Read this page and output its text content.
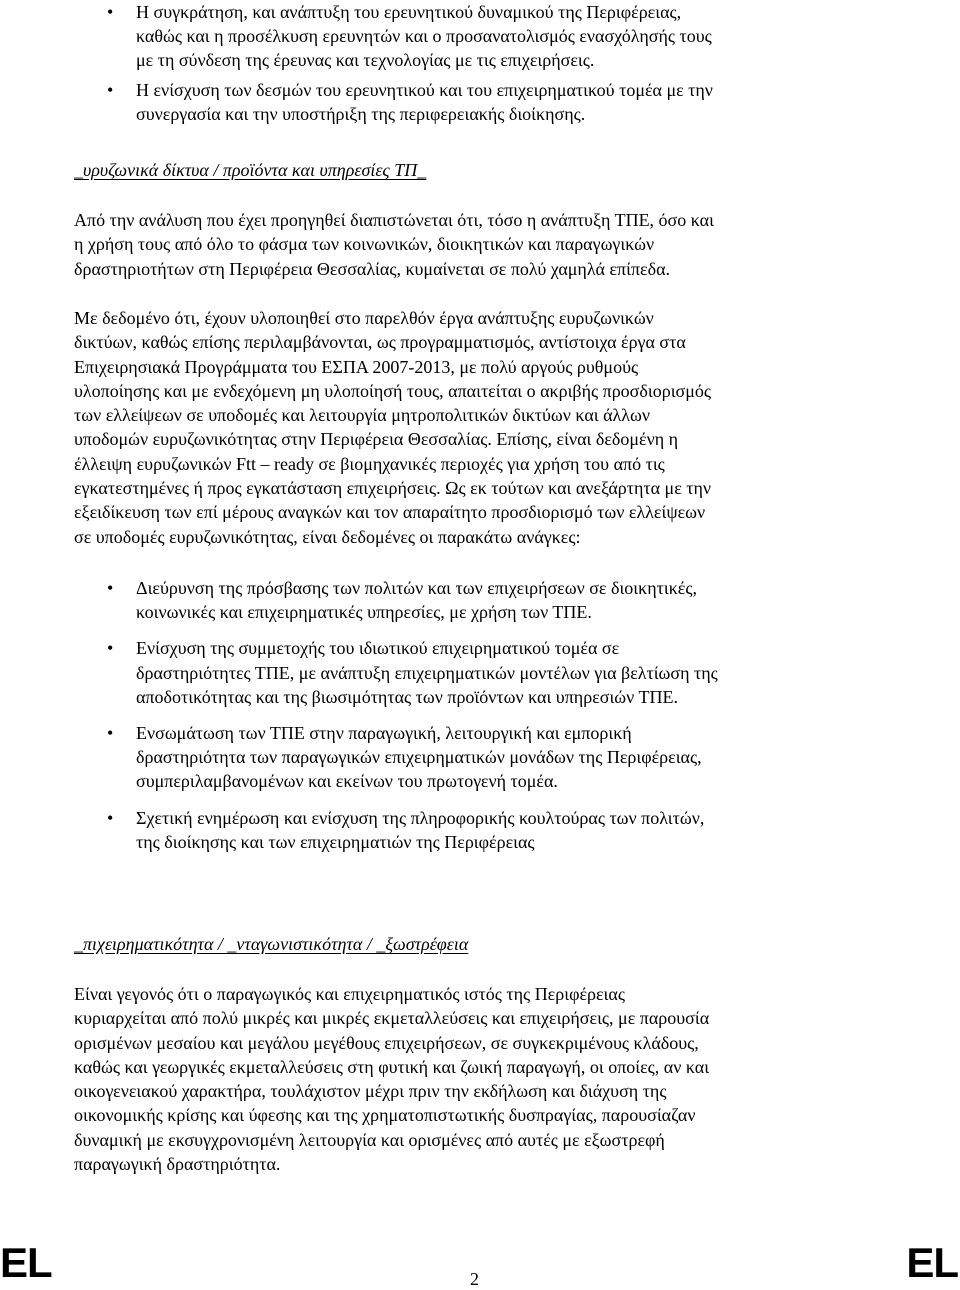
• Η συγκράτηση, και ανάπτυξη του ερευνητικού δυναμικού της Περιφέρειας,
καθώς και η προσέλκυση ερευνητών και ο προσανατολισμός ενασχόλησής τους
με τη σύνδεση της έρευνας και τεχνολογίας με τις επιχειρήσεις.
• Η ενίσχυση των δεσμών του ερευνητικού και του επιχειρηματικού τομέα με την
συνεργασία και την υποστήριξη της περιφερειακής διοίκησης.
_υρυζωνικά δίκτυα / προϊόντα και υπηρεσίες ΤΠ_

Από την ανάλυση που έχει προηγηθεί διαπιστώνεται ότι, τόσο η ανάπτυξη ΤΠΕ, όσο και
η χρήση τους από όλο το φάσμα των κοινωνικών, διοικητικών και παραγωγικών
δραστηριοτήτων στη Περιφέρεια Θεσσαλίας, κυμαίνεται σε πολύ χαμηλά επίπεδα.

Με δεδομένο ότι, έχουν υλοποιηθεί στο παρελθόν έργα ανάπτυξης ευρυζωνικών
δικτύων, καθώς επίσης περιλαμβάνονται, ως προγραμματισμός, αντίστοιχα έργα στα
Επιχειρησιακά Προγράμματα του ΕΣΠΑ 2007-2013, με πολύ αργούς ρυθμούς
υλοποίησης και με ενδεχόμενη μη υλοποίησή τους, απαιτείται ο ακριβής προσδιορισμός
των ελλείψεων σε υποδομές και λειτουργία μητροπολιτικών δικτύων και άλλων
υποδομών ευρυζωνικότητας στην Περιφέρεια Θεσσαλίας. Επίσης, είναι δεδομένη η
έλλειψη ευρυζωνικών Ftt – ready σε βιομηχανικές περιοχές για χρήση του από τις
εγκατεστημένες ή προς εγκατάσταση επιχειρήσεις. Ως εκ τούτων και ανεξάρτητα με την
εξειδίκευση των επί μέρους αναγκών και τον απαραίτητο προσδιορισμό των ελλείψεων
σε υποδομές ευρυζωνικότητας, είναι δεδομένες οι παρακάτω ανάγκες:

• Διεύρυνση της πρόσβασης των πολιτών και των επιχειρήσεων σε διοικητικές,
κοινωνικές και επιχειρηματικές υπηρεσίες, με χρήση των ΤΠΕ.
• Ενίσχυση της συμμετοχής του ιδιωτικού επιχειρηματικού τομέα σε
δραστηριότητες ΤΠΕ, με ανάπτυξη επιχειρηματικών μοντέλων για βελτίωση της
αποδοτικότητας και της βιωσιμότητας των προϊόντων και υπηρεσιών ΤΠΕ.
• Ενσωμάτωση των ΤΠΕ στην παραγωγική, λειτουργική και εμπορική
δραστηριότητα των παραγωγικών επιχειρηματικών μονάδων της Περιφέρειας,
συμπεριλαμβανομένων και εκείνων του πρωτογενή τομέα.
• Σχετική ενημέρωση και ενίσχυση της πληροφορικής κουλτούρας των πολιτών,
της διοίκησης και των επιχειρηματιών της Περιφέρειας
_πιχειρηματικότητα / _νταγωνιστικότητα / _ξωστρέφεια

Είναι γεγονός ότι ο παραγωγικός και επιχειρηματικός ιστός της Περιφέρειας
κυριαρχείται από πολύ μικρές και μικρές εκμεταλλεύσεις και επιχειρήσεις, με παρουσία
ορισμένων μεσαίου και μεγάλου μεγέθους επιχειρήσεων, σε συγκεκριμένους κλάδους,
καθώς και γεωργικές εκμεταλλεύσεις στη φυτική και ζωική παραγωγή, οι οποίες, αν και
οικογενειακού χαρακτήρα, τουλάχιστον μέχρι πριν την εκδήλωση και διάχυση της
οικονομικής κρίσης και ύφεσης και της χρηματοπιστωτικής δυσπραγίας, παρουσίαζαν
δυναμική με εκσυγχρονισμένη λειτουργία και ορισμένες από αυτές με εξωστρεφή
παραγωγική δραστηριότητα.

EL	2	EL
